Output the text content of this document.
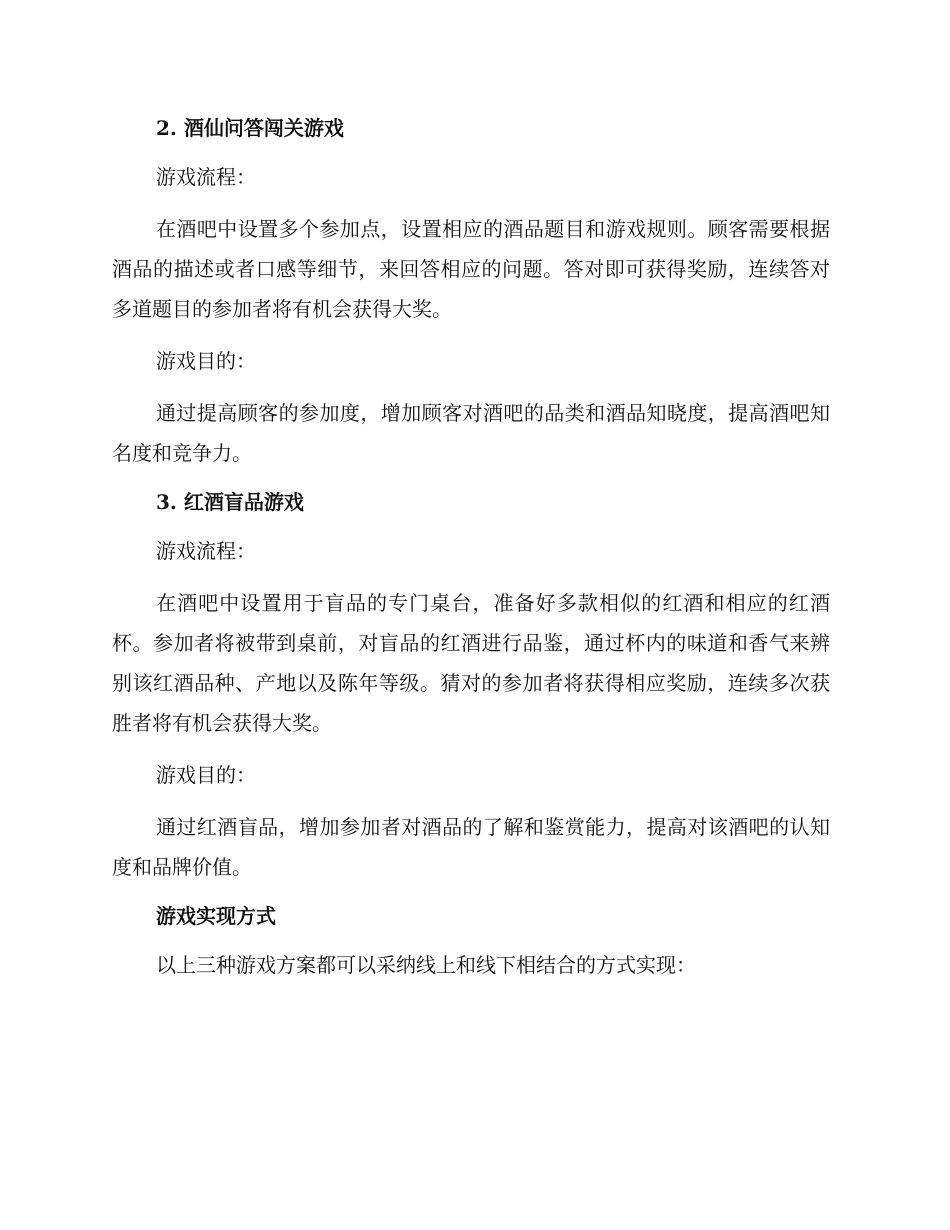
2. 酒仙问答闯关游戏

游戏流程：

在酒吧中设置多个参加点，设置相应的酒品题目和游戏规则。顾客需要根据酒品的描述或者口感等细节，来回答相应的问题。答对即可获得奖励，连续答对多道题目的参加者将有机会获得大奖。

游戏目的：

通过提高顾客的参加度，增加顾客对酒吧的品类和酒品知晓度，提高酒吧知名度和竞争力。

3. 红酒盲品游戏

游戏流程：

在酒吧中设置用于盲品的专门桌台，准备好多款相似的红酒和相应的红酒杯。参加者将被带到桌前，对盲品的红酒进行品鉴，通过杯内的味道和香气来辨别该红酒品种、产地以及陈年等级。猜对的参加者将获得相应奖励，连续多次获胜者将有机会获得大奖。

游戏目的：

通过红酒盲品，增加参加者对酒品的了解和鉴赏能力，提高对该酒吧的认知度和品牌价值。

游戏实现方式

以上三种游戏方案都可以采纳线上和线下相结合的方式实现：
